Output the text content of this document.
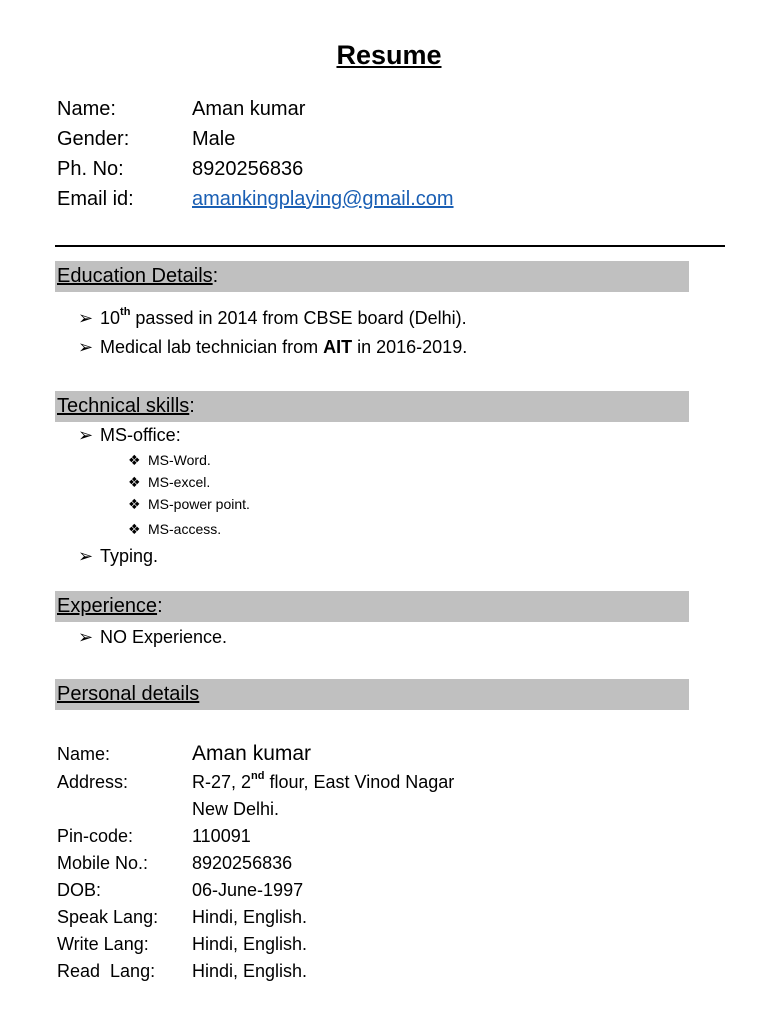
Resume
Name:	Aman kumar
Gender:	Male
Ph. No:	8920256836
Email id:	amankingplaying@gmail.com
Education Details:
➢ 10th passed in 2014 from CBSE board (Delhi).
➢ Medical lab technician from AIT in 2016-2019.
Technical skills:
➢ MS-office:
❖ MS-Word.
❖ MS-excel.
❖ MS-power point.
❖ MS-access.
➢ Typing.
Experience:
➢ NO Experience.
Personal details
Name:	Aman kumar
Address:	R-27, 2nd flour, East Vinod Nagar
New Delhi.
Pin-code:	110091
Mobile No.: 8920256836
DOB:	06-June-1997
Speak Lang: Hindi, English.
Write Lang: Hindi, English.
Read  Lang: Hindi, English.
